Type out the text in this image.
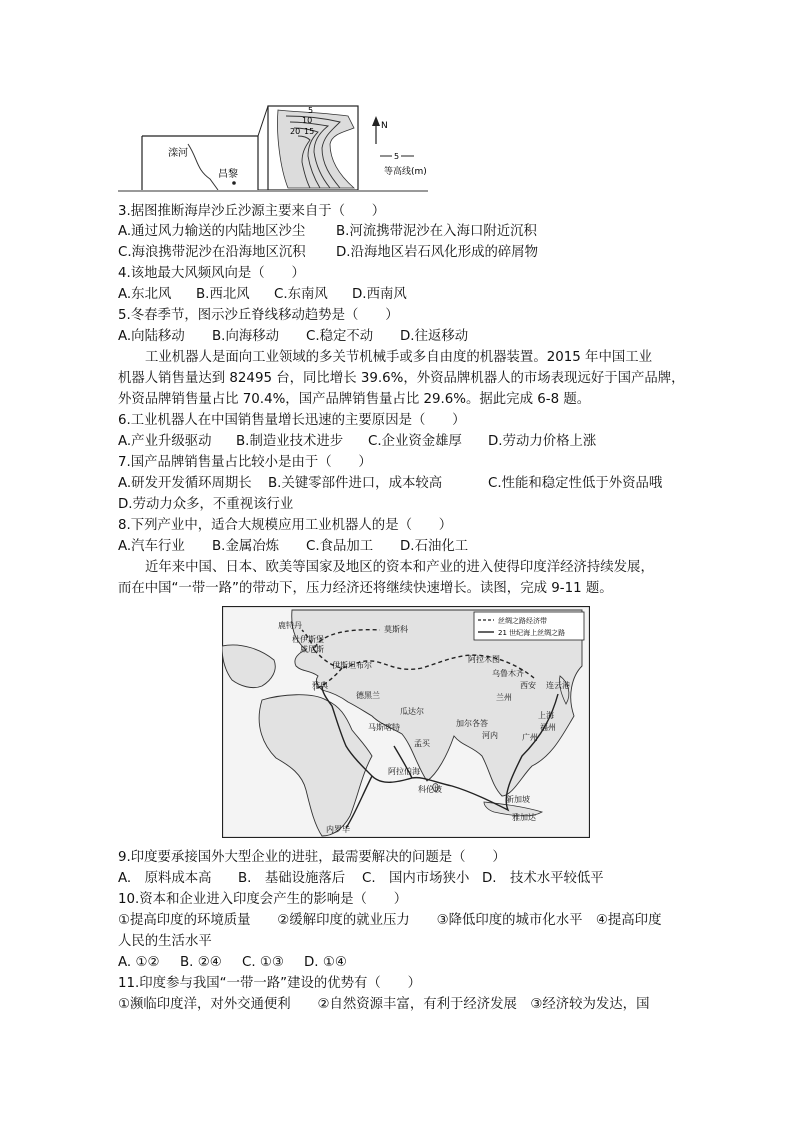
滦河
昌黎
5
10
15
20
N
5
等高线(m)
3.据图推断海岸沙丘沙源主要来自于（　　）
A.通过风力输送的内陆地区沙尘 B.河流携带泥沙在入海口附近沉积
C.海浪携带泥沙在沿海地区沉积 D.沿海地区岩石风化形成的碎屑物
4.该地最大风频风向是（　　）
A.东北风 B.西北风 C.东南风 D.西南风
5.冬春季节，图示沙丘脊线移动趋势是（　　）
A.向陆移动 B.向海移动 C.稳定不动 D.往返移动
工业机器人是面向工业领域的多关节机械手或多自由度的机器装置。2015 年中国工业
机器人销售量达到 82495 台，同比增长 39.6%，外资品牌机器人的市场表现远好于国产品牌，
外资品牌销售量占比 70.4%，国产品牌销售量占比 29.6%。据此完成 6-8 题。
6.工业机器人在中国销售量增长迅速的主要原因是（　　）
A.产业升级驱动 B.制造业技术进步 C.企业资金雄厚 D.劳动力价格上涨
7.国产品牌销售量占比较小是由于（　　）
A.研发开发循环周期长 B.关键零部件进口，成本较高	C.性能和稳定性低于外资品哦
D.劳动力众多，不重视该行业
8.下列产业中，适合大规模应用工业机器人的是（　　）
A.汽车行业 B.金属冶炼 C.食品加工 D.石油化工
近年来中国、日本、欧美等国家及地区的资本和产业的进入使得印度洋经济持续发展，
而在中国“一带一路”的带动下，压力经济还将继续快速增长。读图，完成 9-11 题。
丝绸之路经济带
21 世纪海上丝绸之路
鹿特丹	莫斯科
杜伊斯堡
威尼斯
伊斯坦布尔
阿拉木图
乌鲁木齐
雅典
德黑兰
西安
兰州
连云港
上海
福州
广州
瓜达尔
加尔各答
河内
马斯喀特
孟买
阿拉伯海
科伦坡
新加坡
雅加达
内罗毕
9.印度要承接国外大型企业的进驻，最需要解决的问题是（　　）
A.　原料成本高 B.　基础设施落后 C.　国内市场狭小 D.　技术水平较低平
10.资本和企业进入印度会产生的影响是（　　）
①提高印度的环境质量　　②缓解印度的就业压力　　③降低印度的城市化水平　④提高印度
人民的生活水平
A. ①② B. ②④ C. ①③ D. ①④
11.印度参与我国“一带一路”建设的优势有（　　）
①濒临印度洋，对外交通便利　　②自然资源丰富，有利于经济发展　③经济较为发达，国
